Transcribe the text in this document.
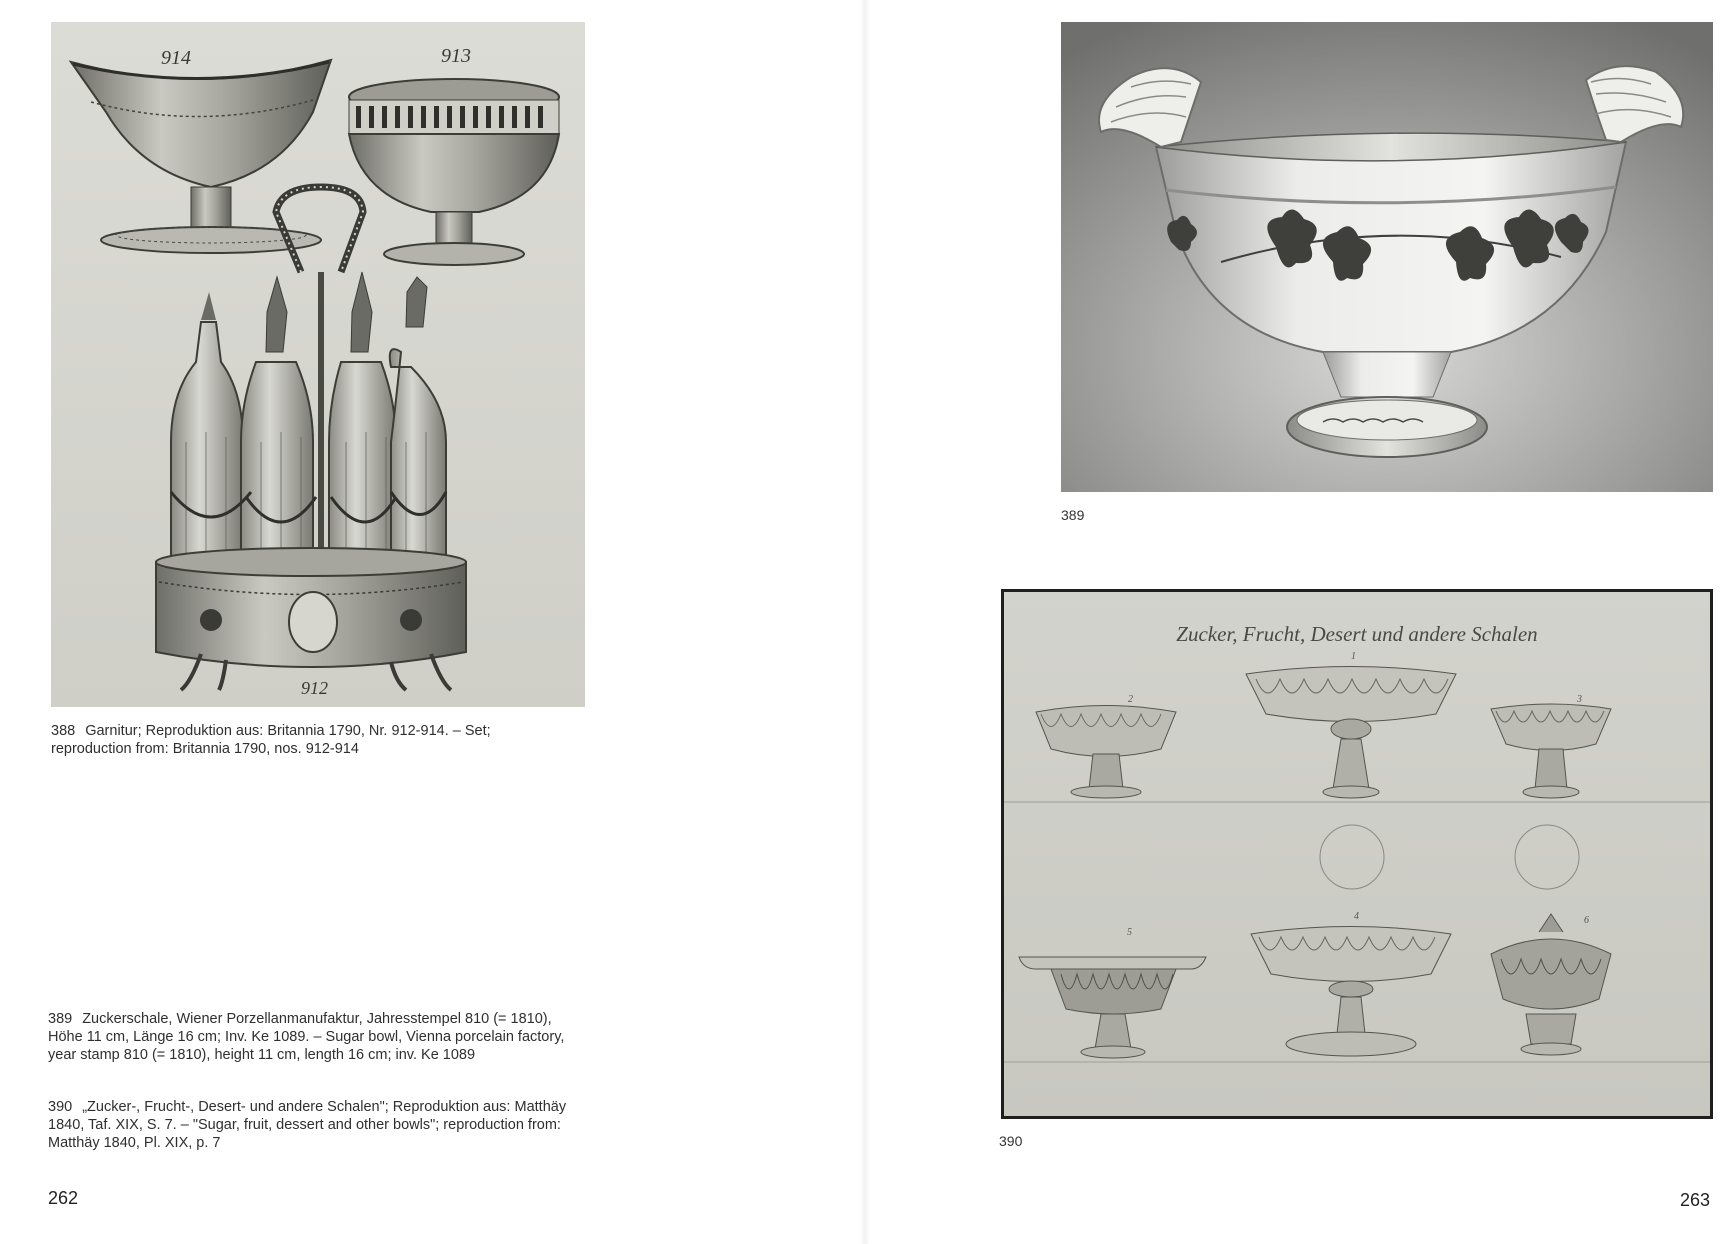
914	913
912
389
Zucker, Frucht, Desert und andere Schalen
2
1
3
5
4	6
390
388 Garnitur; Reproduktion aus: Britannia 1790, Nr. 912-914. – Set; reproduction from: Britannia 1790, nos. 912-914
389 Zuckerschale, Wiener Porzellanmanufaktur, Jahresstempel 810 (= 1810), Höhe 11 cm, Länge 16 cm; Inv. Ke 1089. – Sugar bowl, Vienna porcelain factory, year stamp 810 (= 1810), height 11 cm, length 16 cm; inv. Ke 1089
390 „Zucker-, Frucht-, Desert- und andere Schalen"; Reproduktion aus: Matthäy 1840, Taf. XIX, S. 7. – "Sugar, fruit, dessert and other bowls"; reproduction from: Matthäy 1840, Pl. XIX, p. 7
262	263
